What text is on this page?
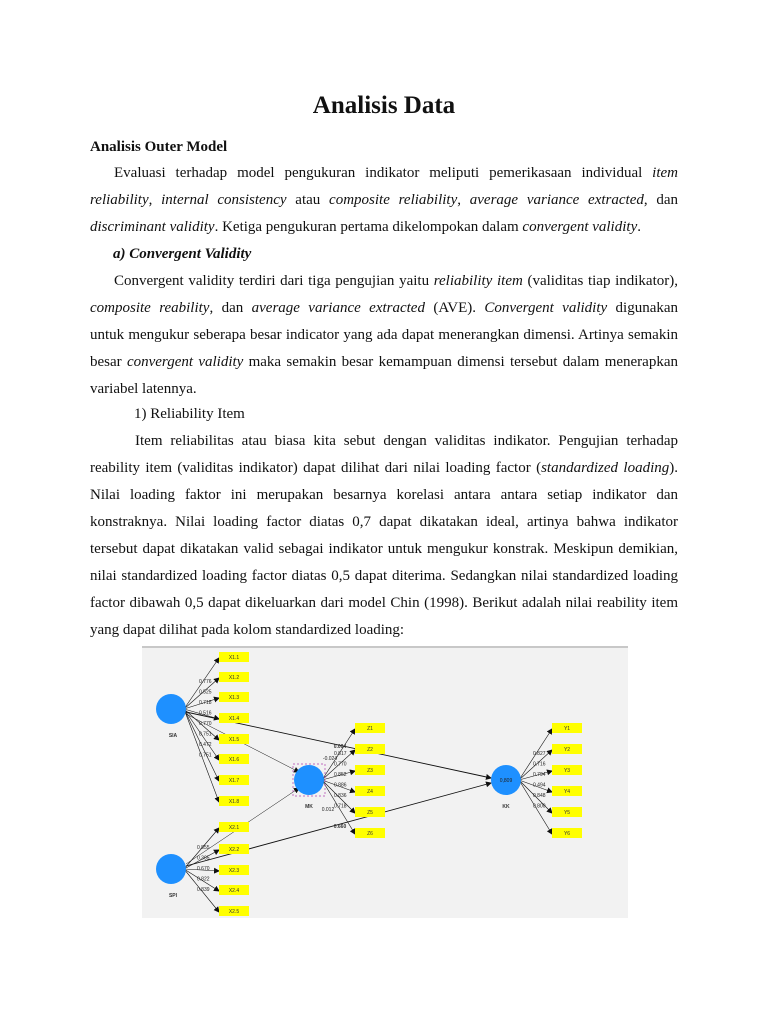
Analisis Data

Analisis Outer Model

Evaluasi terhadap model pengukuran indikator meliputi pemerikasaan individual item

reliability, internal consistency atau composite reliability, average variance extracted, dan

discriminant validity. Ketiga pengukuran pertama dikelompokan dalam convergent validity.

a) Convergent Validity

Convergent validity terdiri dari tiga pengujian yaitu reliability item (validitas tiap indikator),

composite reability, dan average variance extracted (AVE). Convergent validity digunakan

untuk mengukur seberapa besar indicator yang ada dapat menerangkan dimensi. Artinya semakin

besar convergent validity maka semakin besar kemampuan dimensi tersebut dalam menerapkan

variabel latennya.

1) Reliability Item

Item reliabilitas atau biasa kita sebut dengan validitas indikator. Pengujian terhadap

reability item (validitas indikator) dapat dilihat dari nilai loading factor (standardized loading).

Nilai loading faktor ini merupakan besarnya korelasi antara antara setiap indikator dan

konstraknya. Nilai loading factor diatas 0,7 dapat dikatakan ideal, artinya bahwa indikator

tersebut dapat dikatakan valid sebagai indikator untuk mengukur konstrak. Meskipun demikian,

nilai standardized loading factor diatas 0,5 dapat diterima. Sedangkan nilai standardized loading

factor dibawah 0,5 dapat dikeluarkan dari model Chin (1998). Berikut adalah nilai reability item

yang dapat dilihat pada kolom standardized loading:

X1.1
0.776
X1.2
0.525
X1.3
0.718
X1.4
0.516
X1.5
0.770
X1.6
0.751
X1.7
0.472
X1.8
0.751
X2.1
0.855	X2.2
0.365
X2.3
0.670
X2.4
0.822
X2.5
0.839
Z1
0.817
Z2
0.770
Z3
0.852
Z4
0.886
Z5
0.836
Z6
0.718
Y1
0.827
Y2
0.716
Y3
0.794
Y4
0.494
Y5
0.848
Y6
0.800
0.004
-0.024
0.012
0.660
SIA
SPI
MK	KK
0,809
